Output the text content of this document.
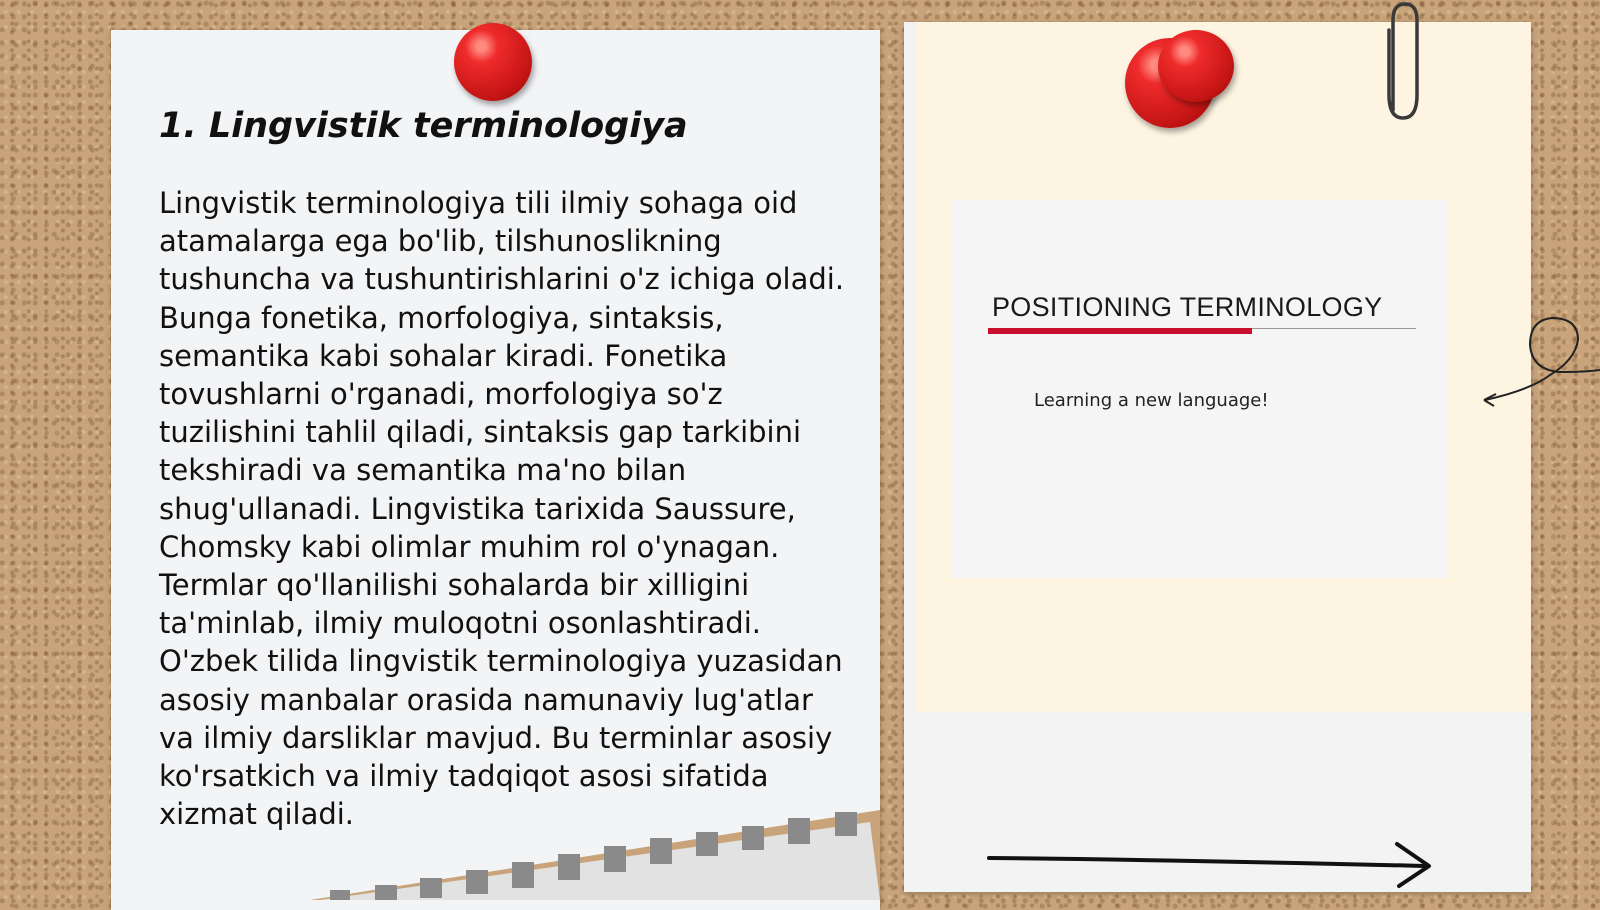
1. Lingvistik terminologiya

Lingvistik terminologiya tili ilmiy sohaga oid atamalarga ega bo'lib, tilshunoslikning tushuncha va tushuntirishlarini o'z ichiga oladi. Bunga fonetika, morfologiya, sintaksis, semantika kabi sohalar kiradi. Fonetika tovushlarni o'rganadi, morfologiya so'z tuzilishini tahlil qiladi, sintaksis gap tarkibini tekshiradi va semantika ma'no bilan shug'ullanadi. Lingvistika tarixida Saussure, Chomsky kabi olimlar muhim rol o'ynagan. Termlar qo'llanilishi sohalarda bir xilligini ta'minlab, ilmiy muloqotni osonlashtiradi. O'zbek tilida lingvistik terminologiya yuzasidan asosiy manbalar orasida namunaviy lug'atlar va ilmiy darsliklar mavjud. Bu terminlar asosiy ko'rsatkich va ilmiy tadqiqot asosi sifatida xizmat qiladi.

POSITIONING TERMINOLOGY
Learning a new language!
